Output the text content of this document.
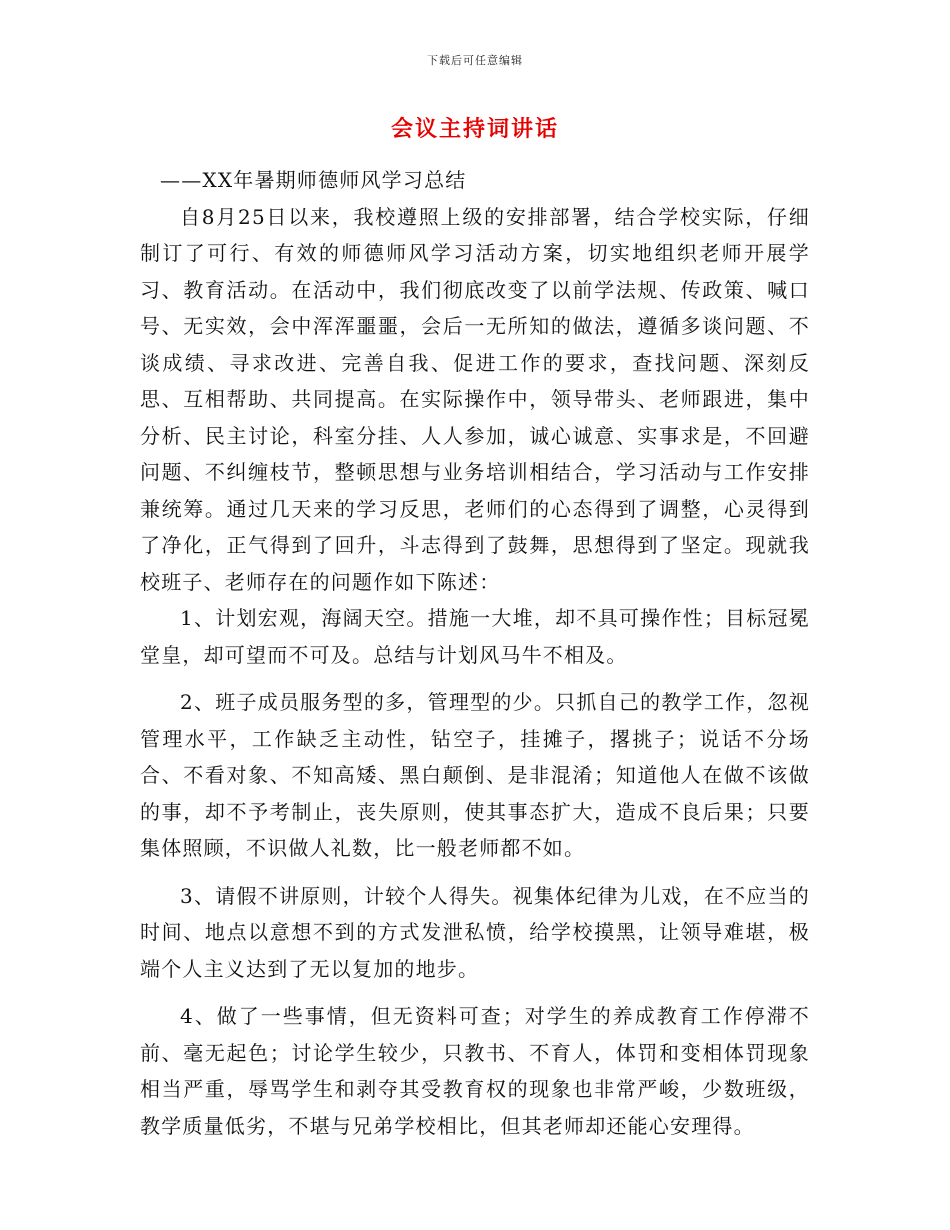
下载后可任意编辑
会议主持词讲话

——XX年暑期师德师风学习总结

自8月25日以来，我校遵照上级的安排部署，结合学校实际，仔细制订了可行、有效的师德师风学习活动方案，切实地组织老师开展学习、教育活动。在活动中，我们彻底改变了以前学法规、传政策、喊口号、无实效，会中浑浑噩噩，会后一无所知的做法，遵循多谈问题、不谈成绩、寻求改进、完善自我、促进工作的要求，查找问题、深刻反思、互相帮助、共同提高。在实际操作中，领导带头、老师跟进，集中分析、民主讨论，科室分挂、人人参加，诚心诚意、实事求是，不回避问题、不纠缠枝节，整顿思想与业务培训相结合，学习活动与工作安排兼统筹。通过几天来的学习反思，老师们的心态得到了调整，心灵得到了净化，正气得到了回升，斗志得到了鼓舞，思想得到了坚定。现就我校班子、老师存在的问题作如下陈述：

1、计划宏观，海阔天空。措施一大堆，却不具可操作性；目标冠冕堂皇，却可望而不可及。总结与计划风马牛不相及。

2、班子成员服务型的多，管理型的少。只抓自己的教学工作，忽视管理水平，工作缺乏主动性，钻空子，挂摊子，撂挑子；说话不分场合、不看对象、不知高矮、黑白颠倒、是非混淆；知道他人在做不该做的事，却不予考制止，丧失原则，使其事态扩大，造成不良后果；只要集体照顾，不识做人礼数，比一般老师都不如。

3、请假不讲原则，计较个人得失。视集体纪律为儿戏，在不应当的时间、地点以意想不到的方式发泄私愤，给学校摸黑，让领导难堪，极端个人主义达到了无以复加的地步。

4、做了一些事情，但无资料可查；对学生的养成教育工作停滞不前、毫无起色；讨论学生较少，只教书、不育人，体罚和变相体罚现象相当严重，辱骂学生和剥夺其受教育权的现象也非常严峻，少数班级，教学质量低劣，不堪与兄弟学校相比，但其老师却还能心安理得。
